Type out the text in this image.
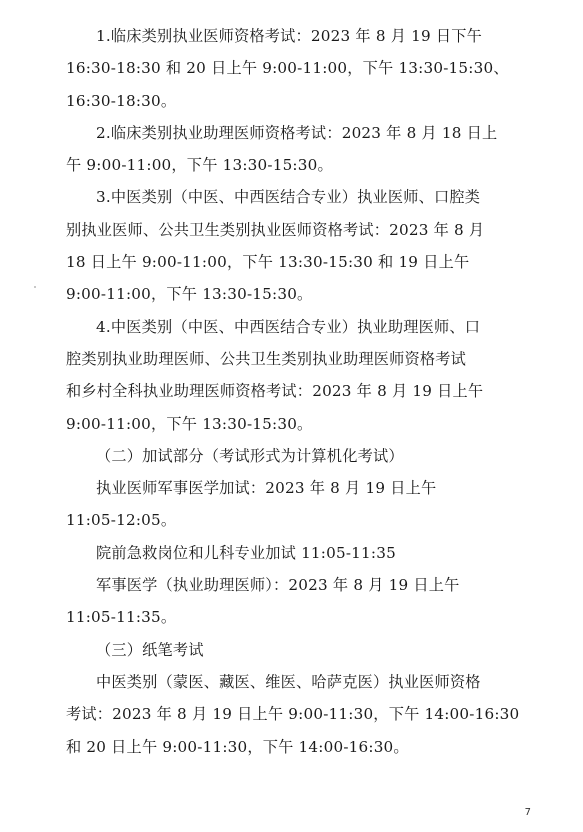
1.临床类别执业医师资格考试：2023 年 8 月 19 日下午
16:30-18:30 和 20 日上午 9:00-11:00，下午 13:30-15:30、
16:30-18:30。
2.临床类别执业助理医师资格考试：2023 年 8 月 18 日上
午 9:00-11:00，下午 13:30-15:30。
3.中医类别（中医、中西医结合专业）执业医师、口腔类
别执业医师、公共卫生类别执业医师资格考试：2023 年 8 月
18 日上午 9:00-11:00，下午 13:30-15:30 和 19 日上午
9:00-11:00，下午 13:30-15:30。
4.中医类别（中医、中西医结合专业）执业助理医师、口
腔类别执业助理医师、公共卫生类别执业助理医师资格考试
和乡村全科执业助理医师资格考试：2023 年 8 月 19 日上午
9:00-11:00，下午 13:30-15:30。
（二）加试部分（考试形式为计算机化考试）
执业医师军事医学加试：2023 年 8 月 19 日上午
11:05-12:05。
院前急救岗位和儿科专业加试 11:05-11:35
军事医学（执业助理医师）：2023 年 8 月 19 日上午
11:05-11:35。
（三）纸笔考试
中医类别（蒙医、藏医、维医、哈萨克医）执业医师资格
考试：2023 年 8 月 19 日上午 9:00-11:30，下午 14:00-16:30
和 20 日上午 9:00-11:30，下午 14:00-16:30。
7
